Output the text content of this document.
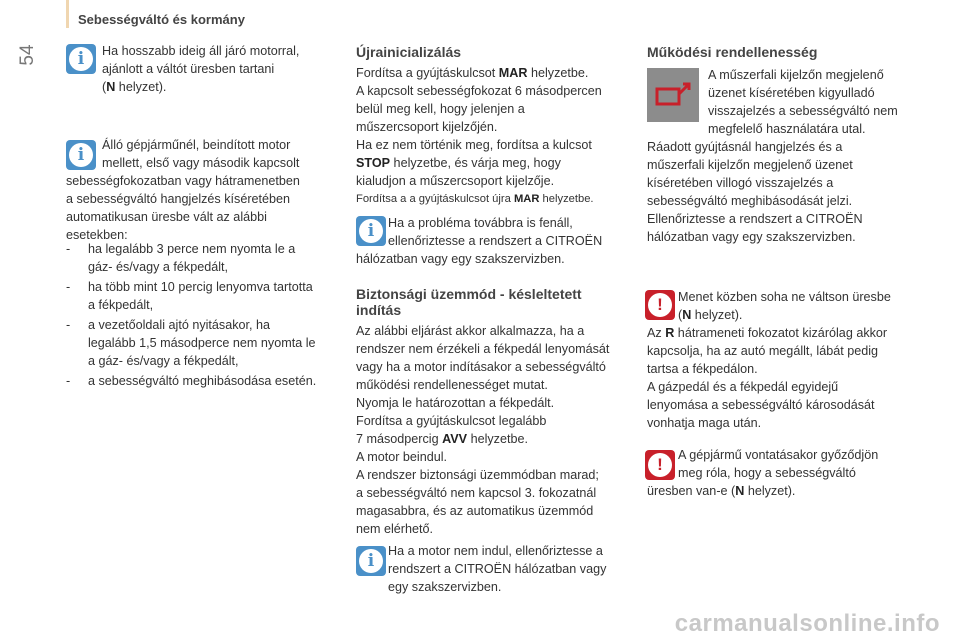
54
Sebességváltó és kormány
i	Ha hosszabb ideig áll járó motorral,
ajánlott a váltót üresben tartani
(N helyzet).
i	Álló gépjárműnél, beindított motor
mellett, első vagy második kapcsolt
sebességfokozatban vagy hátramenetben
a sebességváltó hangjelzés kíséretében
automatikusan üresbe vált az alábbi
esetekben:
- ha legalább 3 perce nem nyomta le a
gáz- és/vagy a fékpedált,
- ha több mint 10 percig lenyomva tartotta
a fékpedált,
- a vezetőoldali ajtó nyitásakor, ha
legalább 1,5 másodperce nem nyomta le
a gáz- és/vagy a fékpedált,
- a sebességváltó meghibásodása esetén.
Újrainicializálás
Fordítsa a gyújtáskulcsot MAR helyzetbe.
A kapcsolt sebességfokozat 6 másodpercen
belül meg kell, hogy jelenjen a
műszercsoport kijelzőjén.
Ha ez nem történik meg, fordítsa a kulcsot
STOP helyzetbe, és várja meg, hogy
kialudjon a műszercsoport kijelzője.
Fordítsa a a gyújtáskulcsot újra MAR helyzetbe.
i	Ha a probléma továbbra is fenáll,
ellenőriztesse a rendszert a CITROËN
hálózatban vagy egy szakszervizben.
Biztonsági üzemmód - késleltetett
indítás
Az alábbi eljárást akkor alkalmazza, ha a
rendszer nem érzékeli a fékpedál lenyomását
vagy ha a motor indításakor a sebességváltó
működési rendellenességet mutat.
Nyomja le határozottan a fékpedált.
Fordítsa a gyújtáskulcsot legalább
7 másodpercig AVV helyzetbe.
A motor beindul.
A rendszer biztonsági üzemmódban marad;
a sebességváltó nem kapcsol 3. fokozatnál
magasabbra, és az automatikus üzemmód
nem elérhető.
i	Ha a motor nem indul, ellenőriztesse a
rendszert a CITROËN hálózatban vagy
egy szakszervizben.
Működési rendellenesség
A műszerfali kijelzőn megjelenő
üzenet kíséretében kigyulladó
visszajelzés a sebességváltó nem
megfelelő használatára utal.
Ráadott gyújtásnál hangjelzés és a
műszerfali kijelzőn megjelenő üzenet
kíséretében villogó visszajelzés a
sebességváltó meghibásodását jelzi.
Ellenőriztesse a rendszert a CITROËN
hálózatban vagy egy szakszervizben.
!	Menet közben soha ne váltson üresbe
(N helyzet).
Az R hátrameneti fokozatot kizárólag akkor
kapcsolja, ha az autó megállt, lábát pedig
tartsa a fékpedálon.
A gázpedál és a fékpedál egyidejű
lenyomása a sebességváltó károsodását
vonhatja maga után.
!	A gépjármű vontatásakor győződjön
meg róla, hogy a sebességváltó
üresben van-e (N helyzet).
carmanualsonline.info
